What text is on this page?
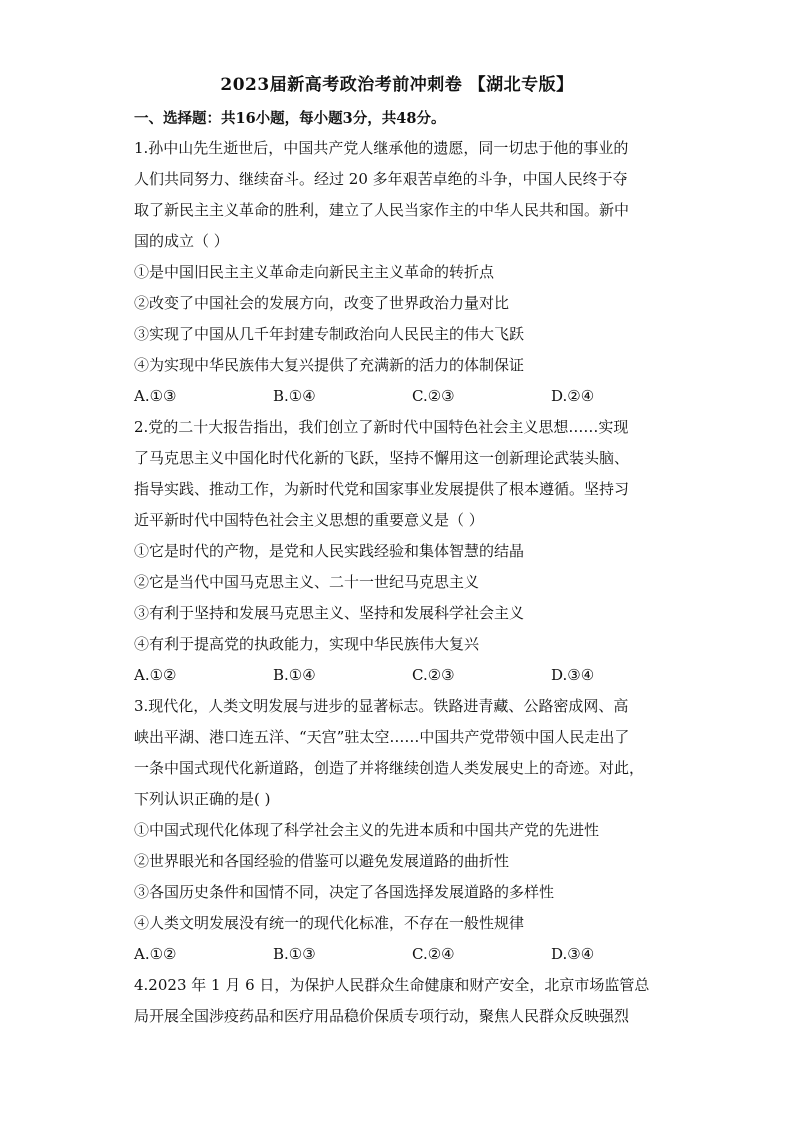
2023届新高考政治考前冲刺卷 【湖北专版】
一、选择题：共16小题，每小题3分，共48分。
1.孙中山先生逝世后，中国共产党人继承他的遗愿，同一切忠于他的事业的
人们共同努力、继续奋斗。经过 20 多年艰苦卓绝的斗争，中国人民终于夺
取了新民主主义革命的胜利，建立了人民当家作主的中华人民共和国。新中
国的成立（ ）
①是中国旧民主主义革命走向新民主主义革命的转折点
②改变了中国社会的发展方向，改变了世界政治力量对比
③实现了中国从几千年封建专制政治向人民民主的伟大飞跃
④为实现中华民族伟大复兴提供了充满新的活力的体制保证
A.①③	B.①④	C.②③	D.②④
2.党的二十大报告指出，我们创立了新时代中国特色社会主义思想……实现
了马克思主义中国化时代化新的飞跃，坚持不懈用这一创新理论武装头脑、
指导实践、推动工作，为新时代党和国家事业发展提供了根本遵循。坚持习
近平新时代中国特色社会主义思想的重要意义是（ ）
①它是时代的产物，是党和人民实践经验和集体智慧的结晶
②它是当代中国马克思主义、二十一世纪马克思主义
③有利于坚持和发展马克思主义、坚持和发展科学社会主义
④有利于提高党的执政能力，实现中华民族伟大复兴
A.①②	B.①④	C.②③	D.③④
3.现代化，人类文明发展与进步的显著标志。铁路进青藏、公路密成网、高
峡出平湖、港口连五洋、“天宫”驻太空……中国共产党带领中国人民走出了
一条中国式现代化新道路，创造了并将继续创造人类发展史上的奇迹。对此，
下列认识正确的是( )
①中国式现代化体现了科学社会主义的先进本质和中国共产党的先进性
②世界眼光和各国经验的借鉴可以避免发展道路的曲折性
③各国历史条件和国情不同，决定了各国选择发展道路的多样性
④人类文明发展没有统一的现代化标准，不存在一般性规律
A.①②	B.①③	C.②④	D.③④
4.2023 年 1 月 6 日，为保护人民群众生命健康和财产安全，北京市场监管总
局开展全国涉疫药品和医疗用品稳价保质专项行动，聚焦人民群众反映强烈
